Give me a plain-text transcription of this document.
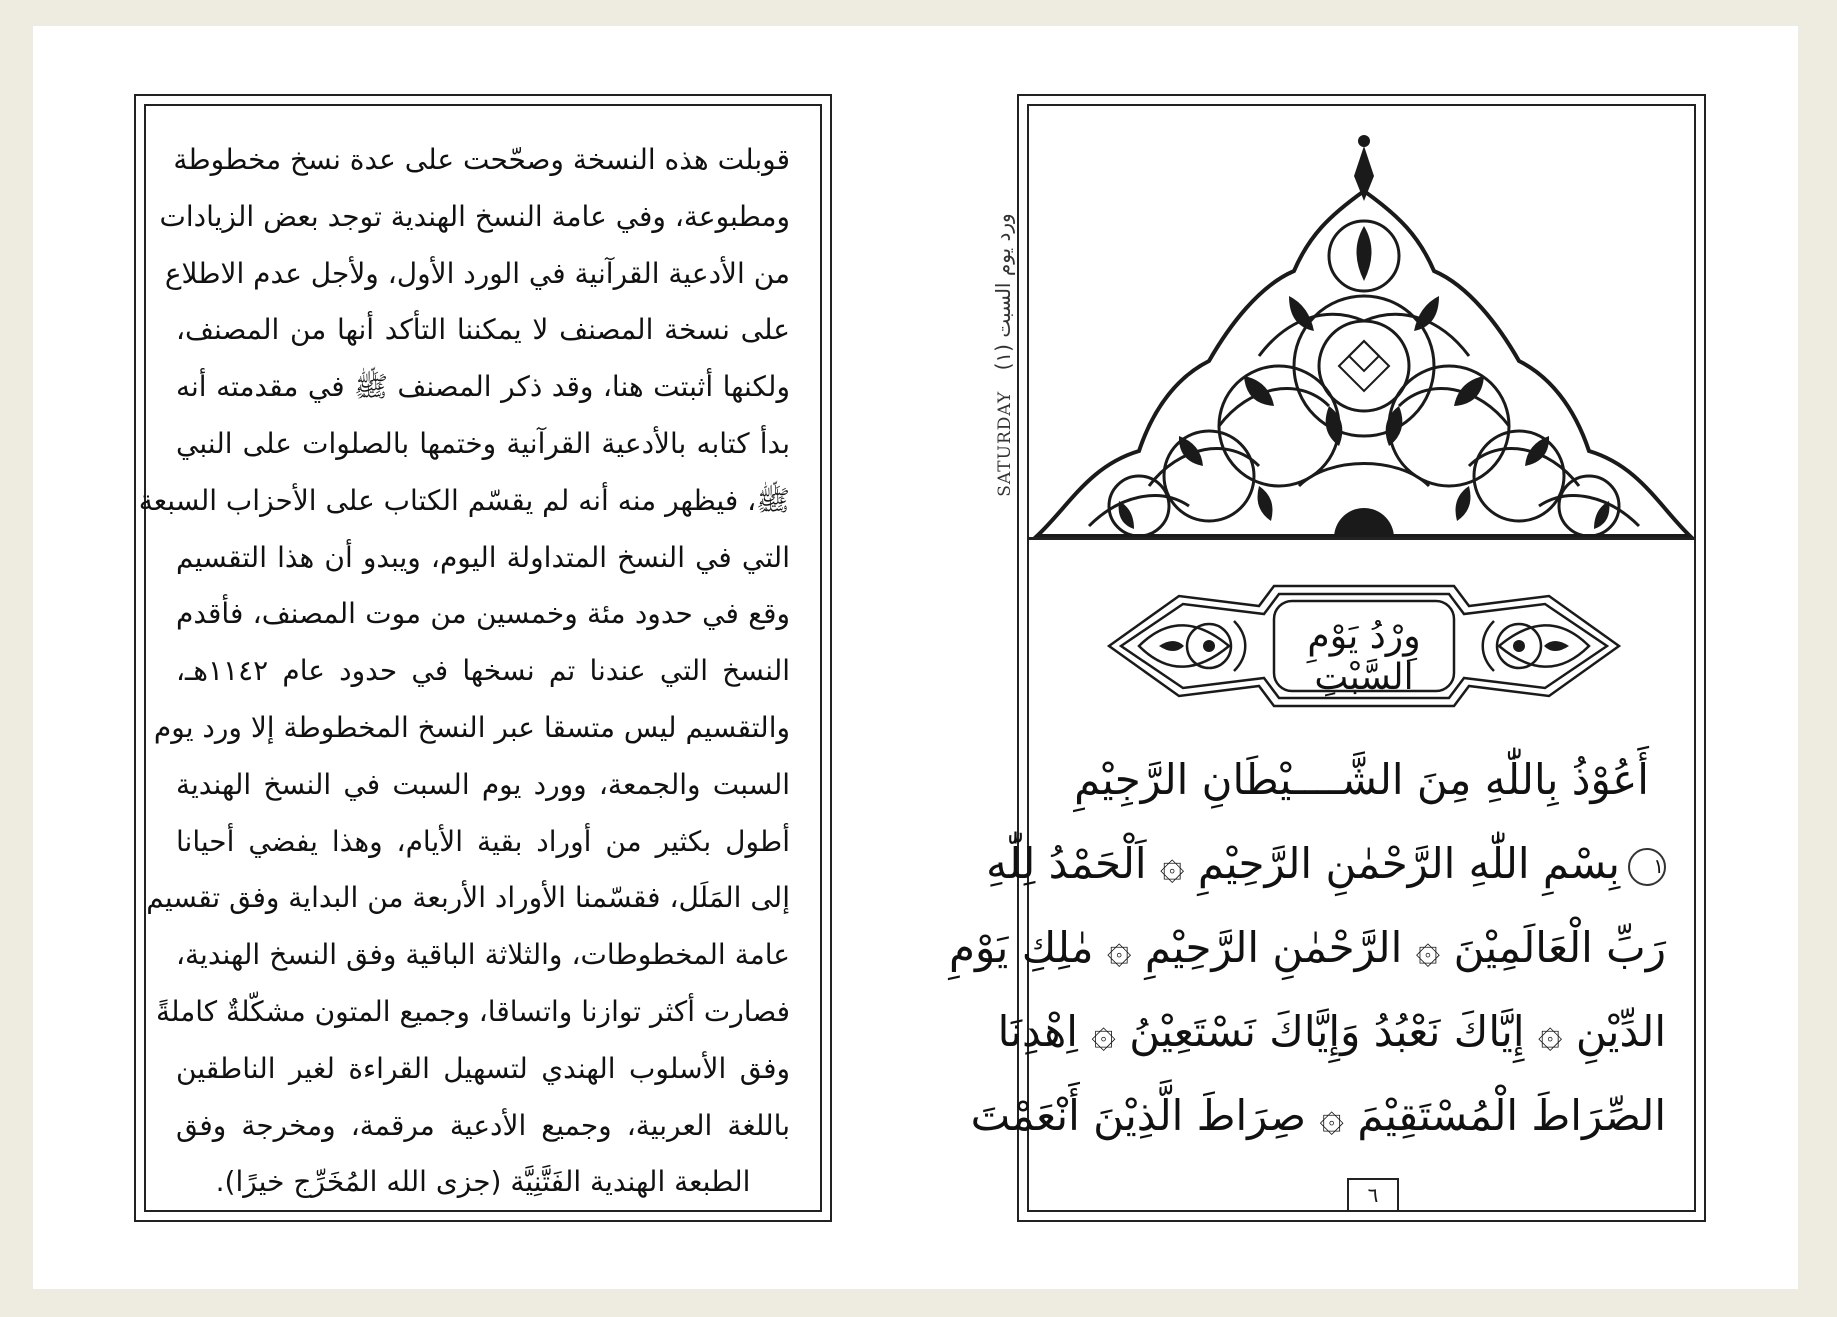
قوبلت هذه النسخة وصحّحت على عدة نسخ مخطوطة
ومطبوعة، وفي عامة النسخ الهندية توجد بعض الزيادات
من الأدعية القرآنية في الورد الأول، ولأجل عدم الاطلاع
على نسخة المصنف لا يمكننا التأكد أنها من المصنف،
ولكنها أثبتت هنا، وقد ذكر المصنف ﷺ في مقدمته أنه
بدأ كتابه بالأدعية القرآنية وختمها بالصلوات على النبي
ﷺ، فيظهر منه أنه لم يقسّم الكتاب على الأحزاب السبعة
التي في النسخ المتداولة اليوم، ويبدو أن هذا التقسيم
وقع في حدود مئة وخمسين من موت المصنف، فأقدم
النسخ التي عندنا تم نسخها في حدود عام ١١٤٢هـ،
والتقسيم ليس متسقا عبر النسخ المخطوطة إلا ورد يوم
السبت والجمعة، وورد يوم السبت في النسخ الهندية
أطول بكثير من أوراد بقية الأيام، وهذا يفضي أحيانا
إلى المَلَل، فقسّمنا الأوراد الأربعة من البداية وفق تقسيم
عامة المخطوطات، والثلاثة الباقية وفق النسخ الهندية،
فصارت أكثر توازنا واتساقا، وجميع المتون مشكّلةٌ كاملةً
وفق الأسلوب الهندي لتسهيل القراءة لغير الناطقين
باللغة العربية، وجميع الأدعية مرقمة، ومخرجة وفق
الطبعة الهندية الفَتَّنِيَّة (جزى الله المُخَرِّج خيرًا).
SATURDAY ورد يوم السبت (١)
وِرْدُ يَوْمِ السَّبْتِ
أَعُوْذُ بِاللّٰهِ مِنَ الشَّــــيْطَانِ الرَّجِيْمِ
١بِسْمِ اللّٰهِ الرَّحْمٰنِ الرَّحِيْمِ ۞ اَلْحَمْدُ لِلّٰهِ
رَبِّ الْعَالَمِيْنَ ۞ الرَّحْمٰنِ الرَّحِيْمِ ۞ مٰلِكِ يَوْمِ
الدِّيْنِ ۞ إِيَّاكَ نَعْبُدُ وَإِيَّاكَ نَسْتَعِيْنُ ۞ اِهْدِنَا
الصِّرَاطَ الْمُسْتَقِيْمَ ۞ صِرَاطَ الَّذِيْنَ أَنْعَمْتَ
٦
